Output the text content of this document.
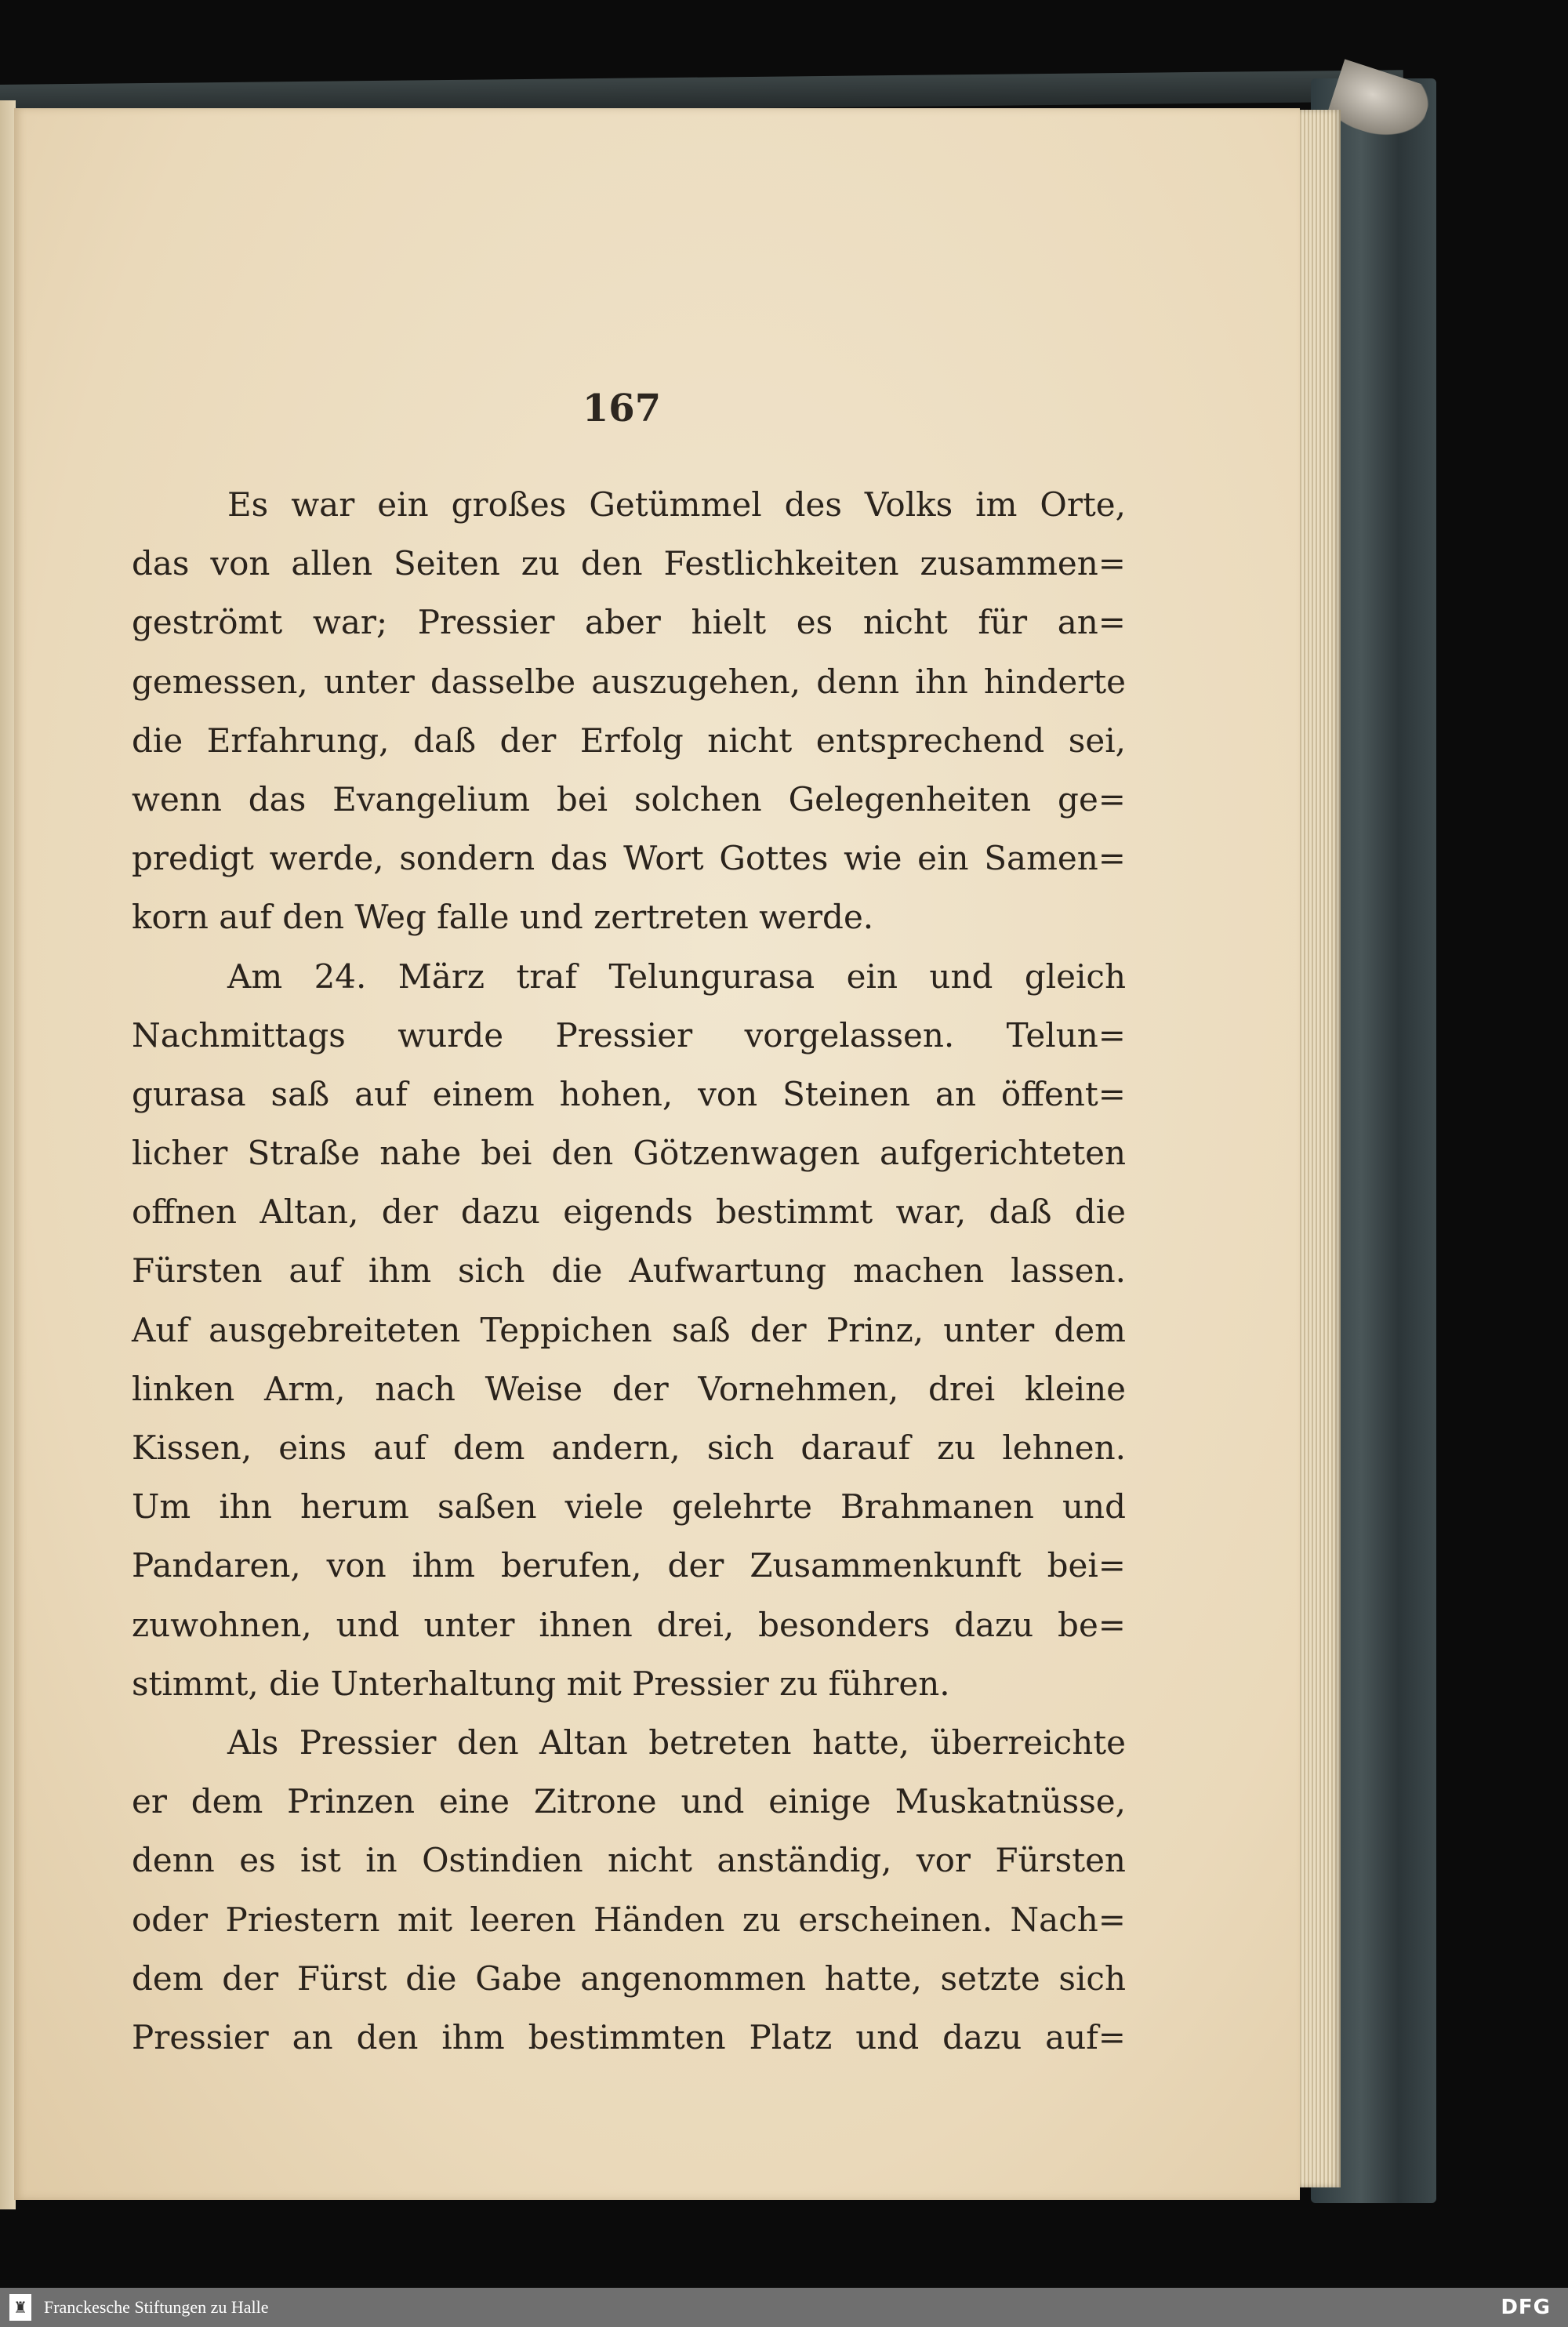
167
Es war ein großes Getümmel des Volks im Orte,
das von allen Seiten zu den Festlichkeiten zusammen=
geströmt war; Pressier aber hielt es nicht für an=
gemessen, unter dasselbe auszugehen, denn ihn hinderte
die Erfahrung, daß der Erfolg nicht entsprechend sei,
wenn das Evangelium bei solchen Gelegenheiten ge=
predigt werde, sondern das Wort Gottes wie ein Samen=
korn auf den Weg falle und zertreten werde.
Am 24. März traf Telungurasa ein und gleich
Nachmittags wurde Pressier vorgelassen. Telun=
gurasa saß auf einem hohen, von Steinen an öffent=
licher Straße nahe bei den Götzenwagen aufgerichteten
offnen Altan, der dazu eigends bestimmt war, daß die
Fürsten auf ihm sich die Aufwartung machen lassen.
Auf ausgebreiteten Teppichen saß der Prinz, unter dem
linken Arm, nach Weise der Vornehmen, drei kleine
Kissen, eins auf dem andern, sich darauf zu lehnen.
Um ihn herum saßen viele gelehrte Brahmanen und
Pandaren, von ihm berufen, der Zusammenkunft bei=
zuwohnen, und unter ihnen drei, besonders dazu be=
stimmt, die Unterhaltung mit Pressier zu führen.
Als Pressier den Altan betreten hatte, überreichte
er dem Prinzen eine Zitrone und einige Muskatnüsse,
denn es ist in Ostindien nicht anständig, vor Fürsten
oder Priestern mit leeren Händen zu erscheinen. Nach=
dem der Fürst die Gabe angenommen hatte, setzte sich
Pressier an den ihm bestimmten Platz und dazu auf=
♜ Franckesche Stiftungen zu Halle	DFG
